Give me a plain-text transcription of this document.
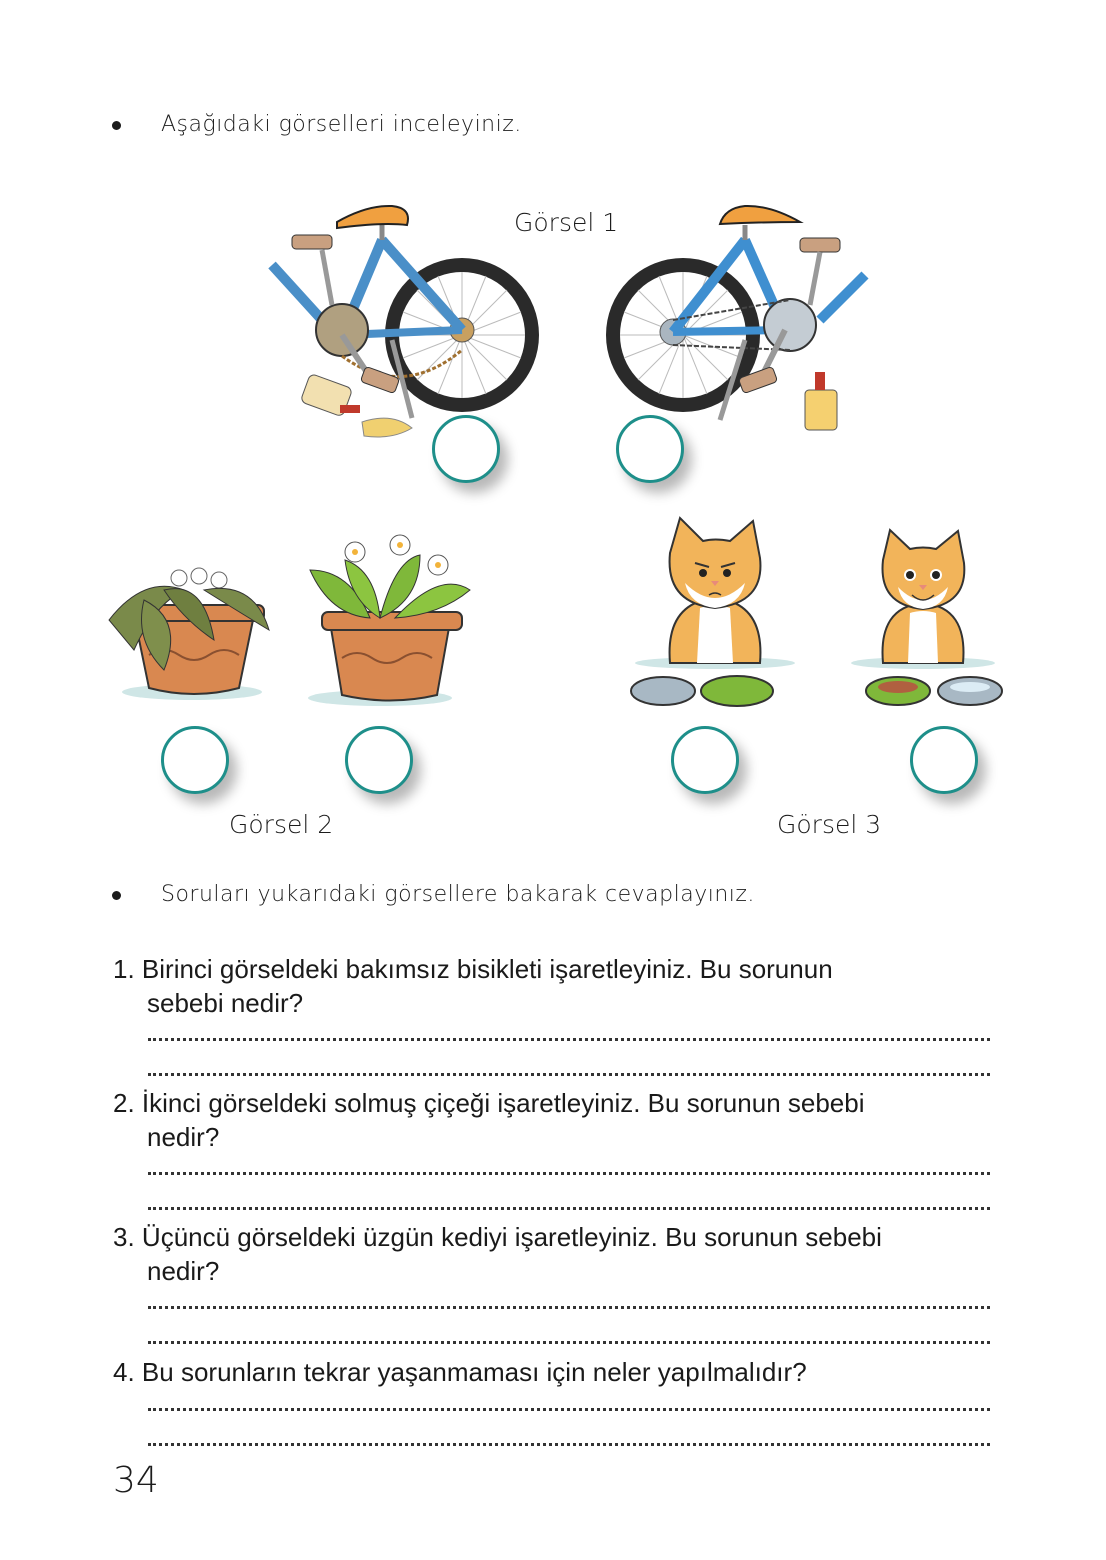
Aşağıdaki görselleri inceleyiniz.
Görsel 1
Görsel 2	Görsel 3
Soruları yukarıdaki görsellere bakarak cevaplayınız.
1. Birinci görseldeki bakımsız bisikleti işaretleyiniz. Bu sorunun
sebebi nedir?
2. İkinci görseldeki solmuş çiçeği işaretleyiniz. Bu sorunun sebebi
nedir?
3. Üçüncü görseldeki üzgün kediyi işaretleyiniz. Bu sorunun sebebi
nedir?
4. Bu sorunların tekrar yaşanmaması için neler yapılmalıdır?
34
